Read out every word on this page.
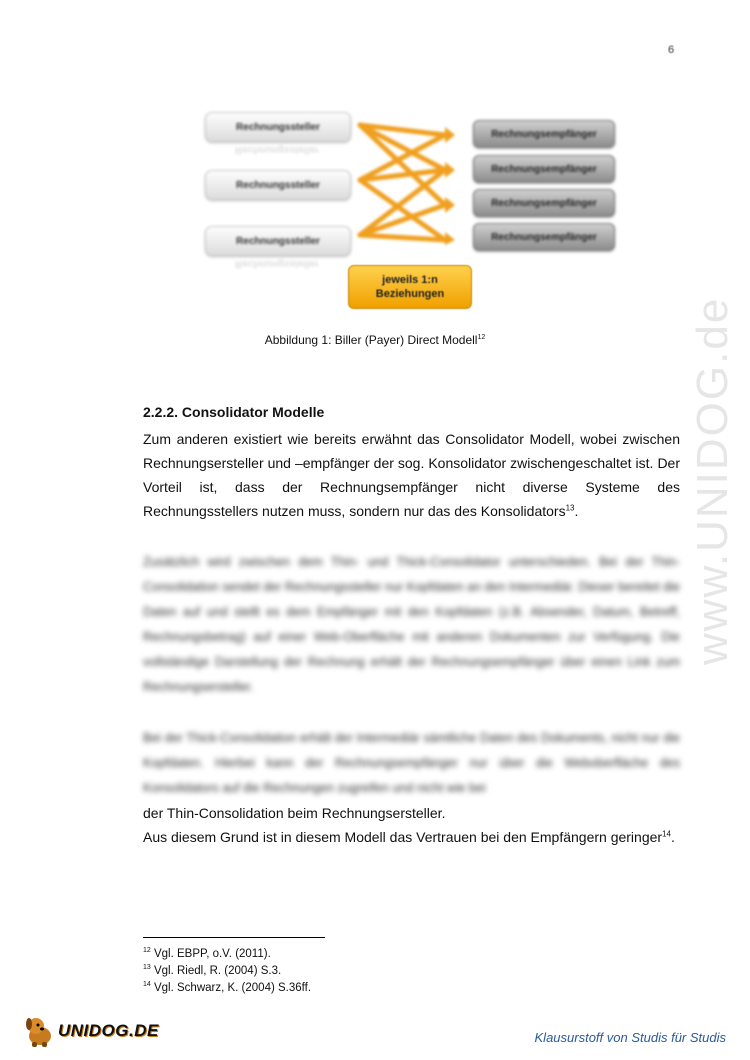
6
Rechnungssteller
Rechnungssteller
Rechnungssteller
Rechnungssteller
Rechnungssteller
Rechnungsempfänger
Rechnungsempfänger
Rechnungsempfänger
Rechnungsempfänger
jeweils 1:n
Beziehungen
Abbildung 1: Biller (Payer) Direct Modell$^{12}$
2.2.2. Consolidator Modelle
Zum anderen existiert wie bereits erwähnt das Consolidator Modell, wobei zwischen Rechnungsersteller und –empfänger der sog. Konsolidator zwischengeschaltet ist. Der Vorteil ist, dass der Rechnungsempfänger nicht diverse Systeme des Rechnungsstellers nutzen muss, sondern nur das des Konsolidators$^{13}$.
Zusätzlich wird zwischen dem Thin- und Thick-Consolidator unterschieden. Bei der Thin-Consolidation sendet der Rechnungssteller nur Kopfdaten an den Intermediär. Dieser bereitet die Daten auf und stellt es dem Empfänger mit den Kopfdaten (z.B. Absender, Datum, Betreff, Rechnungsbetrag) auf einer Web-Oberfläche mit anderen Dokumenten zur Verfügung. Die vollständige Darstellung der Rechnung erhält der Rechnungsempfänger über einen Link zum Rechnungsersteller.
Bei der Thick-Consolidation erhält der Intermediär sämtliche Daten des Dokuments, nicht nur die Kopfdaten. Hierbei kann der Rechnungsempfänger nur über die Weboberfläche des Konsolidators auf die Rechnungen zugreifen und nicht wie bei
der Thin-Consolidation beim Rechnungsersteller.
Aus diesem Grund ist in diesem Modell das Vertrauen bei den Empfängern geringer$^{14}$.
$^{12}$ Vgl. EBPP, o.V. (2011).
$^{13}$ Vgl. Riedl, R. (2004) S.3.
$^{14}$ Vgl. Schwarz, K. (2004) S.36ff.
www.UNIDOG.de
UNIDOG.DE	Klausurstoff von Studis für Studis
